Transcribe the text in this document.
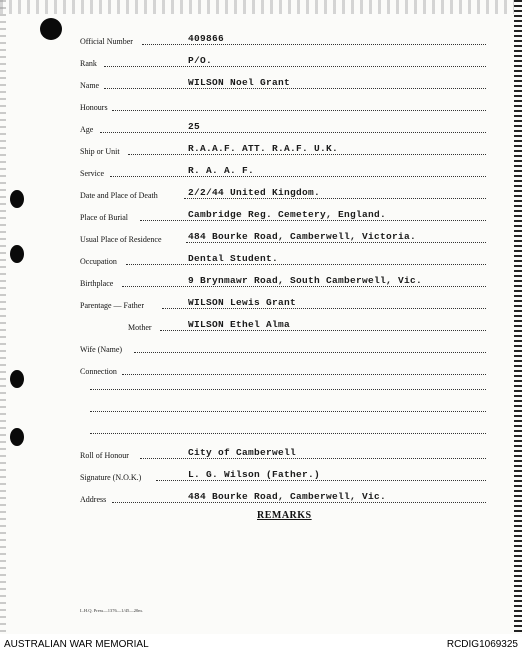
Official Number	409866
Rank	P/O.
Name	WILSON Noel Grant
Honours
Age	25
Ship or Unit	R.A.A.F. ATT. R.A.F. U.K.
Service	R. A. A. F.
Date and Place of Death	2/2/44 United Kingdom.
Place of Burial	Cambridge Reg. Cemetery, England.
Usual Place of Residence	484 Bourke Road, Camberwell, Victoria.
Occupation	Dental Student.
Birthplace	9 Brynmawr Road, South Camberwell, Vic.
Parentage — Father	WILSON Lewis Grant
Mother	WILSON Ethel Alma
Wife (Name)
Connection
Roll of Honour	City of Camberwell
Signature (N.O.K.)	L. G. Wilson (Father.)
Address	484 Bourke Road, Camberwell, Vic.
REMARKS
L.H.Q. Press—1376—1/45—20m.
AUSTRALIAN WAR MEMORIAL	RCDIG1069325
